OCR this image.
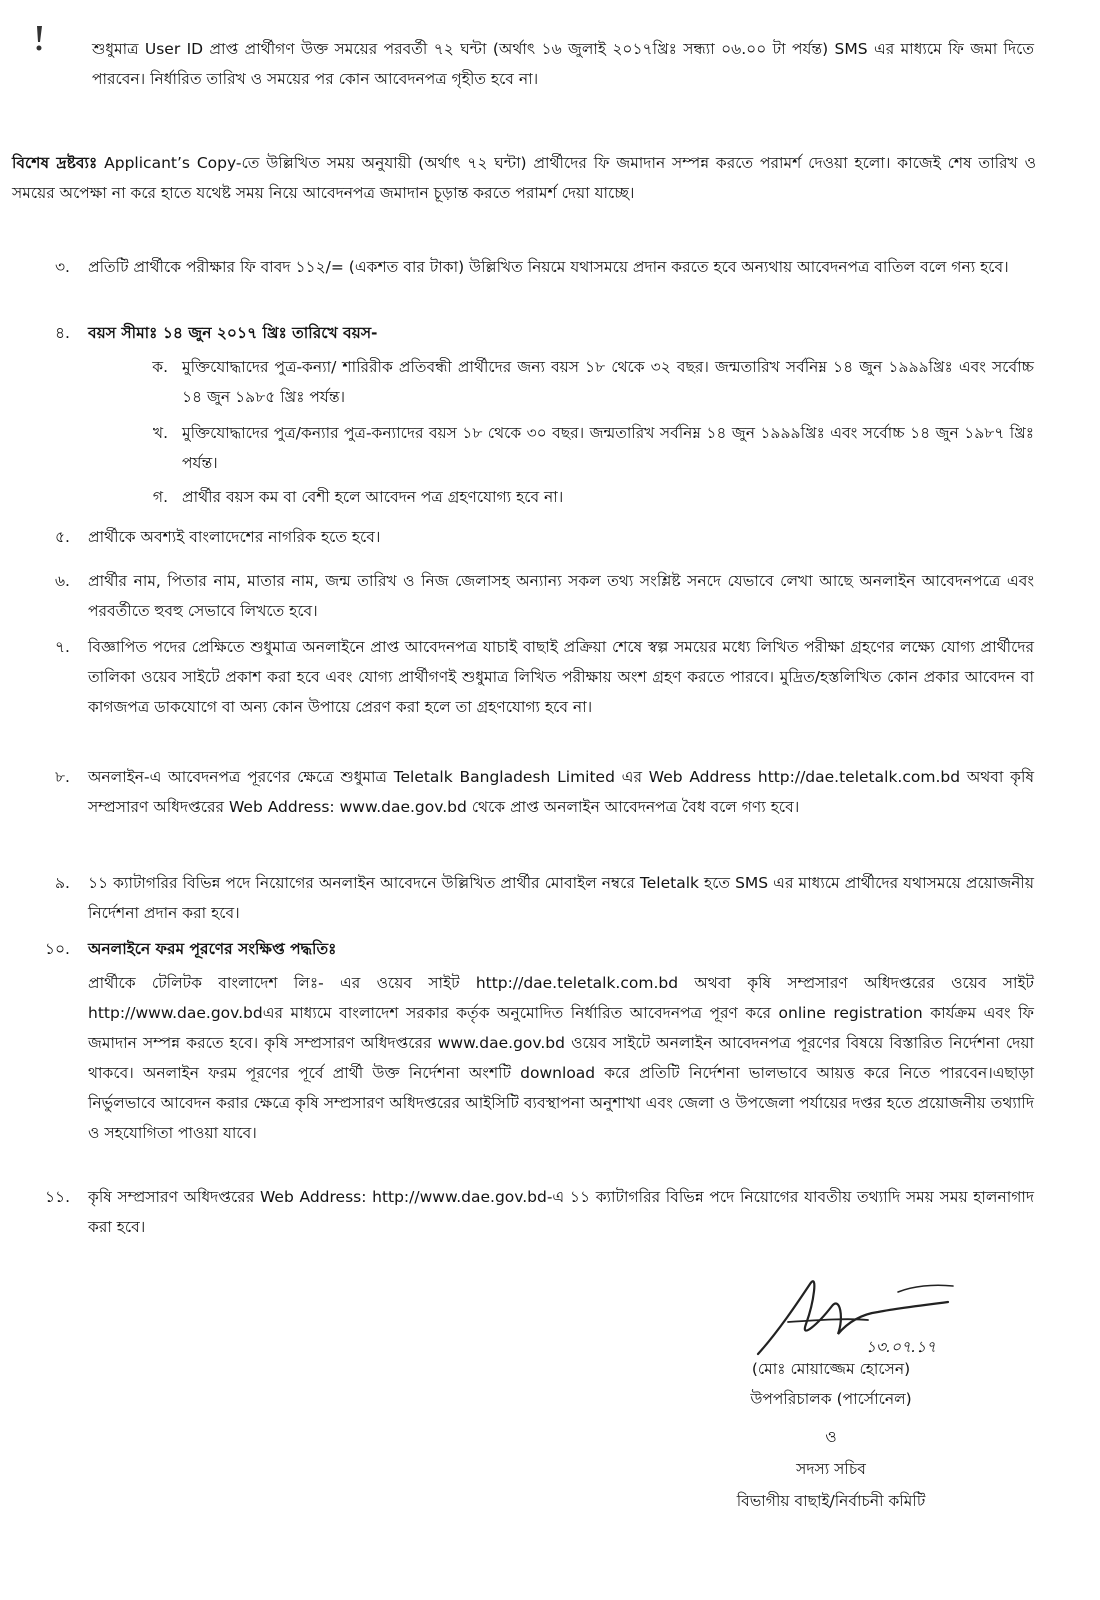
শুধুমাত্র User ID প্রাপ্ত প্রার্থীগণ উক্ত সময়ের পরবর্তী ৭২ ঘন্টা (অর্থাৎ ১৬ জুলাই ২০১৭খ্রিঃ সন্ধ্যা ০৬.০০ টা পর্যন্ত) SMS এর মাধ্যমে ফি জমা দিতে পারবেন। নির্ধারিত তারিখ ও সময়ের পর কোন আবেদনপত্র গৃহীত হবে না।

বিশেষ দ্রষ্টব্যঃ Applicant’s Copy-তে উল্লিখিত সময় অনুযায়ী (অর্থাৎ ৭২ ঘন্টা) প্রার্থীদের ফি জমাদান সম্পন্ন করতে পরামর্শ দেওয়া হলো। কাজেই শেষ তারিখ ও সময়ের অপেক্ষা না করে হাতে যথেষ্ট সময় নিয়ে আবেদনপত্র জমাদান চূড়ান্ত করতে পরামর্শ দেয়া যাচ্ছে।

৩. প্রতিটি প্রার্থীকে পরীক্ষার ফি বাবদ ১১২/= (একশত বার টাকা) উল্লিখিত নিয়মে যথাসময়ে প্রদান করতে হবে অন্যথায় আবেদনপত্র বাতিল বলে গন্য হবে।

৪. বয়স সীমাঃ ১৪ জুন ২০১৭ খ্রিঃ তারিখে বয়স-

ক. মুক্তিযোদ্ধাদের পুত্র-কন্যা/ শারিরীক প্রতিবন্ধী প্রার্থীদের জন্য বয়স ১৮ থেকে ৩২ বছর। জন্মতারিখ সর্বনিম্ন ১৪ জুন ১৯৯৯খ্রিঃ এবং সর্বোচ্চ ১৪ জুন ১৯৮৫ খ্রিঃ পর্যন্ত।

খ. মুক্তিযোদ্ধাদের পুত্র/কন্যার পুত্র-কন্যাদের বয়স ১৮ থেকে ৩০ বছর। জন্মতারিখ সর্বনিম্ন ১৪ জুন ১৯৯৯খ্রিঃ এবং সর্বোচ্চ ১৪ জুন ১৯৮৭ খ্রিঃ পর্যন্ত।

গ. প্রার্থীর বয়স কম বা বেশী হলে আবেদন পত্র গ্রহণযোগ্য হবে না।

৫. প্রার্থীকে অবশ্যই বাংলাদেশের নাগরিক হতে হবে।

৬. প্রার্থীর নাম, পিতার নাম, মাতার নাম, জন্ম তারিখ ও নিজ জেলাসহ অন্যান্য সকল তথ্য সংশ্লিষ্ট সনদে যেভাবে লেখা আছে অনলাইন আবেদনপত্রে এবং পরবর্তীতে হুবহু সেভাবে লিখতে হবে।

৭. বিজ্ঞাপিত পদের প্রেক্ষিতে শুধুমাত্র অনলাইনে প্রাপ্ত আবেদনপত্র যাচাই বাছাই প্রক্রিয়া শেষে স্বল্প সময়ের মধ্যে লিখিত পরীক্ষা গ্রহণের লক্ষ্যে যোগ্য প্রার্থীদের তালিকা ওয়েব সাইটে প্রকাশ করা হবে এবং যোগ্য প্রার্থীগণই শুধুমাত্র লিখিত পরীক্ষায় অংশ গ্রহণ করতে পারবে। মুদ্রিত/হস্তলিখিত কোন প্রকার আবেদন বা কাগজপত্র ডাকযোগে বা অন্য কোন উপায়ে প্রেরণ করা হলে তা গ্রহণযোগ্য হবে না।

৮. অনলাইন-এ আবেদনপত্র পূরণের ক্ষেত্রে শুধুমাত্র Teletalk Bangladesh Limited এর Web Address http://dae.teletalk.com.bd অথবা কৃষি সম্প্রসারণ অধিদপ্তরের Web Address: www.dae.gov.bd থেকে প্রাপ্ত অনলাইন আবেদনপত্র বৈধ বলে গণ্য হবে।

৯. ১১ ক্যাটাগরির বিভিন্ন পদে নিয়োগের অনলাইন আবেদনে উল্লিখিত প্রার্থীর মোবাইল নম্বরে Teletalk হতে SMS এর মাধ্যমে প্রার্থীদের যথাসময়ে প্রয়োজনীয় নির্দেশনা প্রদান করা হবে।

১০. অনলাইনে ফরম পূরণের সংক্ষিপ্ত পদ্ধতিঃ

প্রার্থীকে টেলিটক বাংলাদেশ লিঃ- এর ওয়েব সাইট http://dae.teletalk.com.bd অথবা কৃষি সম্প্রসারণ অধিদপ্তরের ওয়েব সাইট http://www.dae.gov.bdএর মাধ্যমে বাংলাদেশ সরকার কর্তৃক অনুমোদিত নির্ধারিত আবেদনপত্র পূরণ করে online registration কার্যক্রম এবং ফি জমাদান সম্পন্ন করতে হবে। কৃষি সম্প্রসারণ অধিদপ্তরের www.dae.gov.bd ওয়েব সাইটে অনলাইন আবেদনপত্র পূরণের বিষয়ে বিস্তারিত নির্দেশনা দেয়া থাকবে। অনলাইন ফরম পূরণের পূর্বে প্রার্থী উক্ত নির্দেশনা অংশটি download করে প্রতিটি নির্দেশনা ভালভাবে আয়ত্ত করে নিতে পারবেন।এছাড়া নির্ভুলভাবে আবেদন করার ক্ষেত্রে কৃষি সম্প্রসারণ অধিদপ্তরের আইসিটি ব্যবস্থাপনা অনুশাখা এবং জেলা ও উপজেলা পর্যায়ের দপ্তর হতে প্রয়োজনীয় তথ্যাদি ও সহযোগিতা পাওয়া যাবে।

১১. কৃষি সম্প্রসারণ অধিদপ্তরের Web Address: http://www.dae.gov.bd-এ ১১ ক্যাটাগরির বিভিন্ন পদে নিয়োগের যাবতীয় তথ্যাদি সময় সময় হালনাগাদ করা হবে।

১৩.০৭.১৭
(মোঃ মোয়াজ্জেম হোসেন)
উপপরিচালক (পার্সোনেল)
ও
সদস্য সচিব
বিভাগীয় বাছাই/নির্বাচনী কমিটি
